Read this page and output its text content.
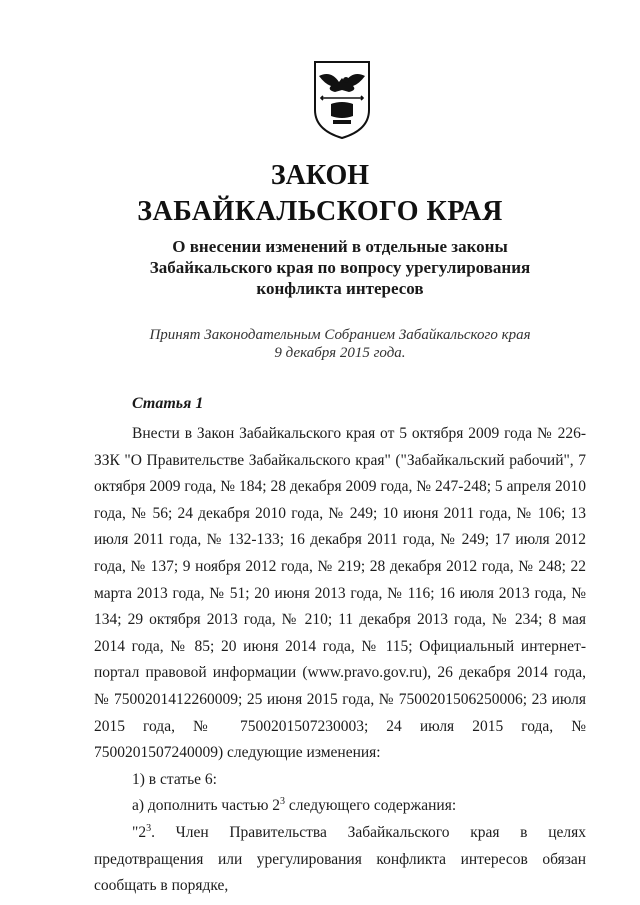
ЗАКОН
ЗАБАЙКАЛЬСКОГО КРАЯ
О внесении изменений в отдельные законы
Забайкальского края по вопросу урегулирования
конфликта интересов
Принят Законодательным Собранием Забайкальского края
9 декабря 2015 года.
Статья 1

Внести в Закон Забайкальского края от 5 октября 2009 года № 226-ЗЗК "О Правительстве Забайкальского края" ("Забайкальский рабочий", 7 октября 2009 года, № 184; 28 декабря 2009 года, № 247-248; 5 апреля 2010 года, № 56; 24 декабря 2010 года, № 249; 10 июня 2011 года, № 106; 13 июля 2011 года, № 132-133; 16 декабря 2011 года, № 249; 17 июля 2012 года, № 137; 9 ноября 2012 года, № 219; 28 декабря 2012 года, № 248; 22 марта 2013 года, № 51; 20 июня 2013 года, № 116; 16 июля 2013 года, № 134; 29 октября 2013 года, № 210; 11 декабря 2013 года, № 234; 8 мая 2014 года, № 85; 20 июня 2014 года, № 115; Официальный интернет-портал правовой информации (www.pravo.gov.ru), 26 декабря 2014 года, № 7500201412260009; 25 июня 2015 года, № 7500201506250006; 23 июля 2015 года, № 7500201507230003; 24 июля 2015 года, № 7500201507240009) следующие изменения:

1) в статье 6:

а) дополнить частью $2^3$ следующего содержания:

"$2^3$. Член Правительства Забайкальского края в целях предотвращения или урегулирования конфликта интересов обязан сообщать в порядке,
